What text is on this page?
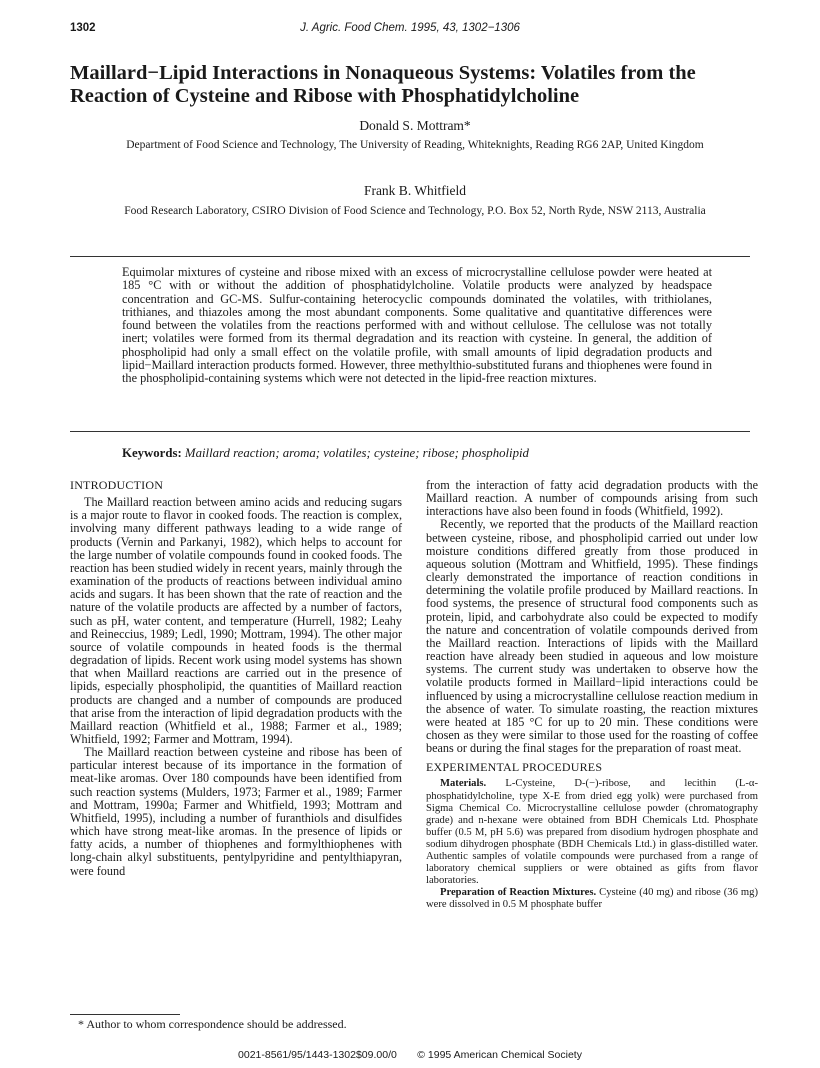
1302	J. Agric. Food Chem. 1995, 43, 1302−1306
Maillard−Lipid Interactions in Nonaqueous Systems: Volatiles from the Reaction of Cysteine and Ribose with Phosphatidylcholine
Donald S. Mottram*
Department of Food Science and Technology, The University of Reading, Whiteknights, Reading RG6 2AP, United Kingdom
Frank B. Whitfield
Food Research Laboratory, CSIRO Division of Food Science and Technology, P.O. Box 52, North Ryde, NSW 2113, Australia

Equimolar mixtures of cysteine and ribose mixed with an excess of microcrystalline cellulose powder were heated at 185 °C with or without the addition of phosphatidylcholine. Volatile products were analyzed by headspace concentration and GC-MS. Sulfur-containing heterocyclic compounds dominated the volatiles, with trithiolanes, trithianes, and thiazoles among the most abundant components. Some qualitative and quantitative differences were found between the volatiles from the reactions performed with and without cellulose. The cellulose was not totally inert; volatiles were formed from its thermal degradation and its reaction with cysteine. In general, the addition of phospholipid had only a small effect on the volatile profile, with small amounts of lipid degradation products and lipid−Maillard interaction products formed. However, three methylthio-substituted furans and thiophenes were found in the phospholipid-containing systems which were not detected in the lipid-free reaction mixtures.

Keywords: Maillard reaction; aroma; volatiles; cysteine; ribose; phospholipid
INTRODUCTION

The Maillard reaction between amino acids and reducing sugars is a major route to flavor in cooked foods. The reaction is complex, involving many different pathways leading to a wide range of products (Vernin and Parkanyi, 1982), which helps to account for the large number of volatile compounds found in cooked foods. The reaction has been studied widely in recent years, mainly through the examination of the products of reactions between individual amino acids and sugars. It has been shown that the rate of reaction and the nature of the volatile products are affected by a number of factors, such as pH, water content, and temperature (Hurrell, 1982; Leahy and Reineccius, 1989; Ledl, 1990; Mottram, 1994). The other major source of volatile compounds in heated foods is the thermal degradation of lipids. Recent work using model systems has shown that when Maillard reactions are carried out in the presence of lipids, especially phospholipid, the quantities of Maillard reaction products are changed and a number of compounds are produced that arise from the interaction of lipid degradation products with the Maillard reaction (Whitfield et al., 1988; Farmer et al., 1989; Whitfield, 1992; Farmer and Mottram, 1994).

The Maillard reaction between cysteine and ribose has been of particular interest because of its importance in the formation of meat-like aromas. Over 180 compounds have been identified from such reaction systems (Mulders, 1973; Farmer et al., 1989; Farmer and Mottram, 1990a; Farmer and Whitfield, 1993; Mottram and Whitfield, 1995), including a number of furanthiols and disulfides which have strong meat-like aromas. In the presence of lipids or fatty acids, a number of thiophenes and formylthiophenes with long-chain alkyl substituents, pentylpyridine and pentylthiapyran, were found

from the interaction of fatty acid degradation products with the Maillard reaction. A number of compounds arising from such interactions have also been found in foods (Whitfield, 1992).

Recently, we reported that the products of the Maillard reaction between cysteine, ribose, and phospholipid carried out under low moisture conditions differed greatly from those produced in aqueous solution (Mottram and Whitfield, 1995). These findings clearly demonstrated the importance of reaction conditions in determining the volatile profile produced by Maillard reactions. In food systems, the presence of structural food components such as protein, lipid, and carbohydrate also could be expected to modify the nature and concentration of volatile compounds derived from the Maillard reaction. Interactions of lipids with the Maillard reaction have already been studied in aqueous and low moisture systems. The current study was undertaken to observe how the volatile products formed in Maillard−lipid interactions could be influenced by using a microcrystalline cellulose reaction medium in the absence of water. To simulate roasting, the reaction mixtures were heated at 185 °C for up to 20 min. These conditions were chosen as they were similar to those used for the roasting of coffee beans or during the final stages for the preparation of roast meat.

EXPERIMENTAL PROCEDURES

Materials. L-Cysteine, D-(−)-ribose, and lecithin (L-α-phosphatidylcholine, type X-E from dried egg yolk) were purchased from Sigma Chemical Co. Microcrystalline cellulose powder (chromatography grade) and n-hexane were obtained from BDH Chemicals Ltd. Phosphate buffer (0.5 M, pH 5.6) was prepared from disodium hydrogen phosphate and sodium dihydrogen phosphate (BDH Chemicals Ltd.) in glass-distilled water. Authentic samples of volatile compounds were purchased from a range of laboratory chemical suppliers or were obtained as gifts from flavor laboratories.

Preparation of Reaction Mixtures. Cysteine (40 mg) and ribose (36 mg) were dissolved in 0.5 M phosphate buffer

* Author to whom correspondence should be addressed.
0021-8561/95/1443-1302$09.00/0 © 1995 American Chemical Society
